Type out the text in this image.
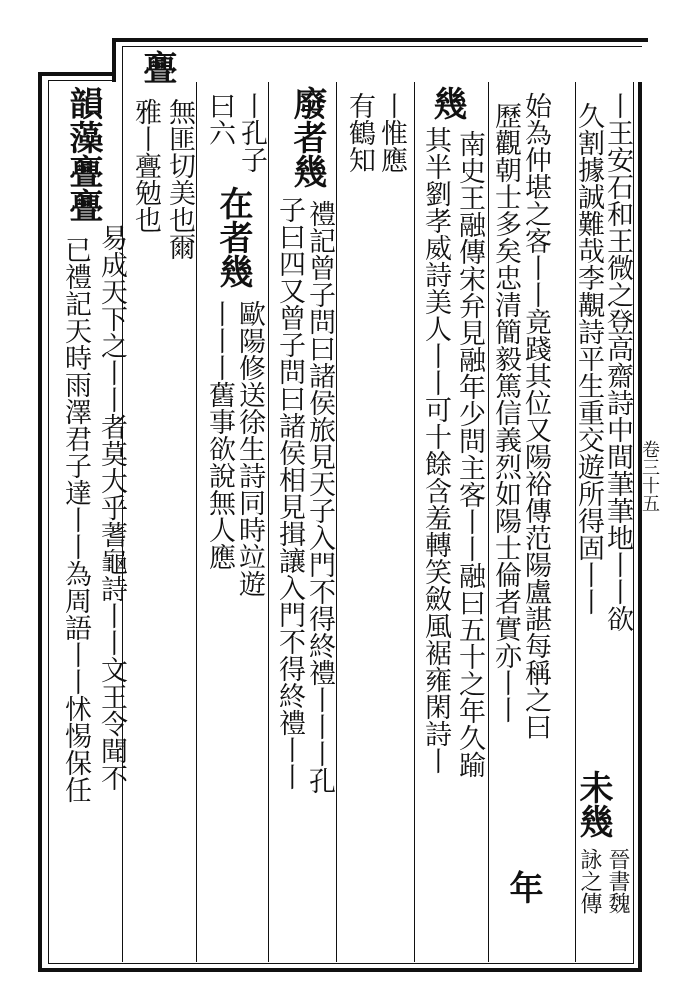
卷三十五
丨王安石和王微之登高齋詩中間茟茟地丨丨欲
晉書魏
久割據誠難哉李覯詩平生重交遊所得固丨丨
未幾
詠之傳
始為仲堪之客丨丨竟踐其位又陽裕傳范陽盧諶每稱之曰
年
歷觀朝士多矣忠清簡毅篤信義烈如陽士倫者實亦丨丨
幾
南史王融傳宋弁見融年少問主客丨丨融曰五十之年久踰
其半劉孝威詩美人丨丨可十餘含羞轉笑斂風裾雍閑詩丨
丨惟應
有鶴知
廢者幾
禮記曾子問曰諸侯旅見天子入門不得終禮丨丨丨孔
子曰四又曾子問曰諸侯相見揖讓入門不得終禮丨丨
丨孔子
曰六
在者幾
歐陽修送徐生詩同時竝遊
丨丨丨舊事欲說無人應
亹
無匪切美也爾
雅丨亹勉也
韻藻亹亹
易成天下之丨丨者莫大乎蓍龜詩丨丨文王令聞不
已禮記天時雨澤君子達丨丨為周語丨丨怵惕保任
